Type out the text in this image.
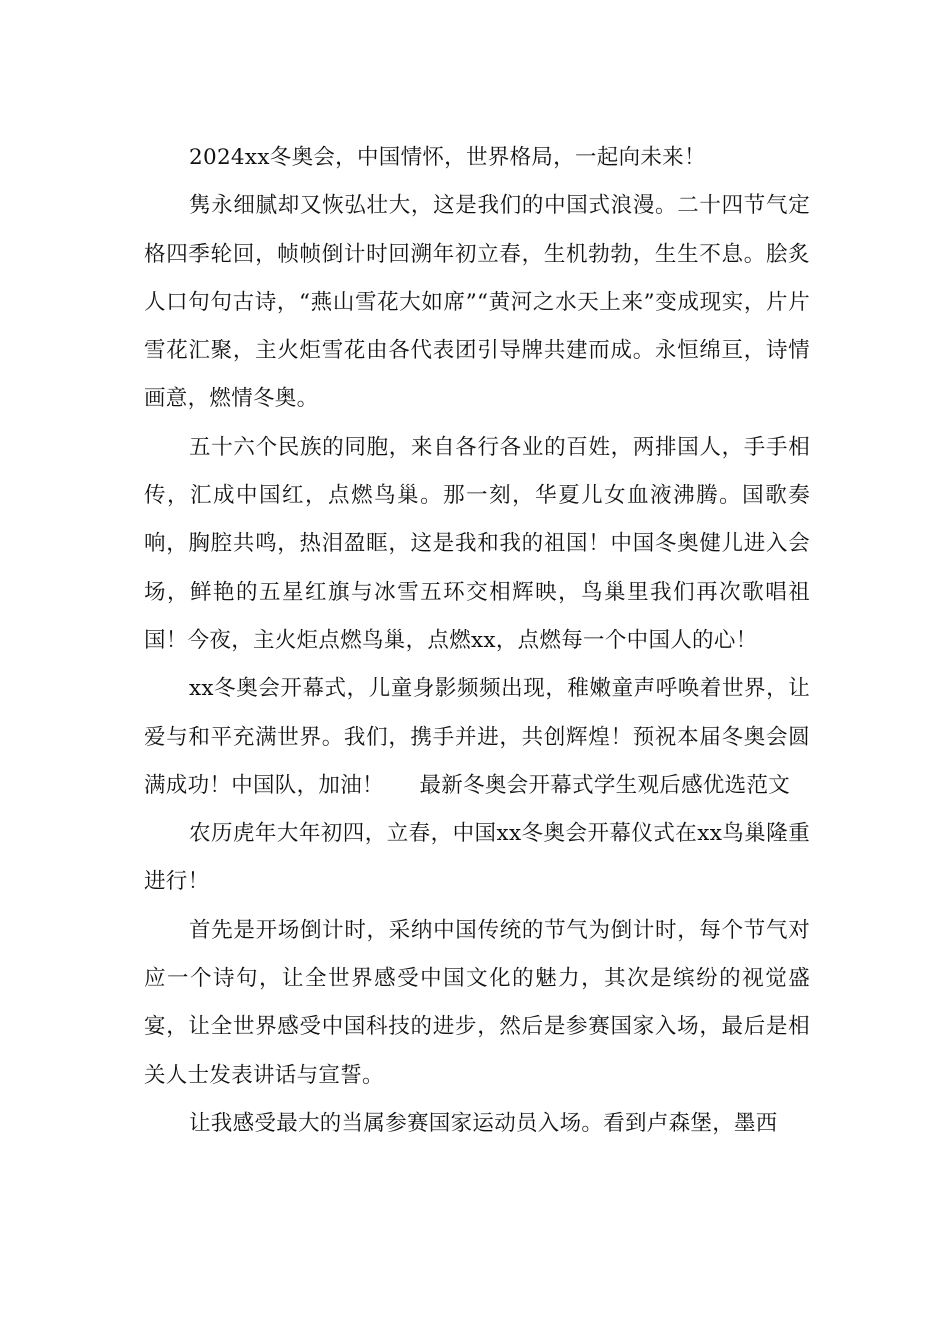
2024xx冬奥会，中国情怀，世界格局，一起向未来！

隽永细腻却又恢弘壮大，这是我们的中国式浪漫。二十四节气定格四季轮回，帧帧倒计时回溯年初立春，生机勃勃，生生不息。脍炙人口句句古诗，“燕山雪花大如席”“黄河之水天上来”变成现实，片片雪花汇聚，主火炬雪花由各代表团引导牌共建而成。永恒绵亘，诗情画意，燃情冬奥。

五十六个民族的同胞，来自各行各业的百姓，两排国人，手手相传，汇成中国红，点燃鸟巢。那一刻，华夏儿女血液沸腾。国歌奏响，胸腔共鸣，热泪盈眶，这是我和我的祖国！中国冬奥健儿进入会场，鲜艳的五星红旗与冰雪五环交相辉映，鸟巢里我们再次歌唱祖国！今夜，主火炬点燃鸟巢，点燃xx，点燃每一个中国人的心！

xx冬奥会开幕式，儿童身影频频出现，稚嫩童声呼唤着世界，让爱与和平充满世界。我们，携手并进，共创辉煌！预祝本届冬奥会圆满成功！中国队，加油！     最新冬奥会开幕式学生观后感优选范文

农历虎年大年初四，立春，中国xx冬奥会开幕仪式在xx鸟巢隆重进行！

首先是开场倒计时，采纳中国传统的节气为倒计时，每个节气对应一个诗句，让全世界感受中国文化的魅力，其次是缤纷的视觉盛宴，让全世界感受中国科技的进步，然后是参赛国家入场，最后是相关人士发表讲话与宣誓。

让我感受最大的当属参赛国家运动员入场。看到卢森堡，墨西
